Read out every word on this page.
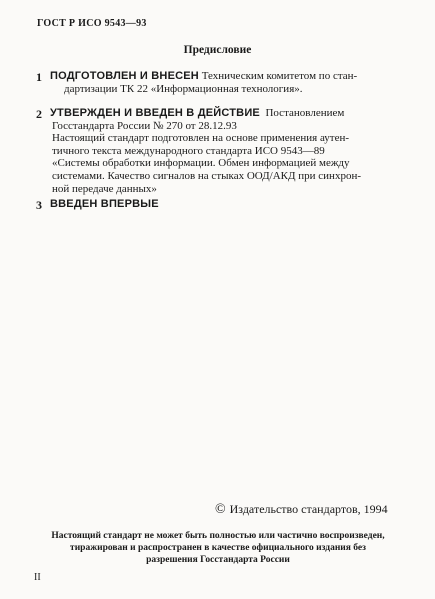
ГОСТ Р ИСО 9543—93
Предисловие
1 ПОДГОТОВЛЕН И ВНЕСЕН Техническим комитетом по стан-
дартизации ТК 22 «Информационная технология».
2 УТВЕРЖДЕН И ВВЕДЕН В ДЕЙСТВИЕ Постановлением
Госстандарта России № 270 от 28.12.93
Настоящий стандарт подготовлен на основе применения аутен-
тичного текста международного стандарта ИСО 9543—89
«Системы обработки информации. Обмен информацией между
системами. Качество сигналов на стыках ООД/АКД при синхрон-
ной передаче данных»
3 ВВЕДЕН ВПЕРВЫЕ
© Издательство стандартов, 1994
Настоящий стандарт не может быть полностью или частично воспроизведен,
тиражирован и распространен в качестве официального издания без
разрешения Госстандарта России
II
